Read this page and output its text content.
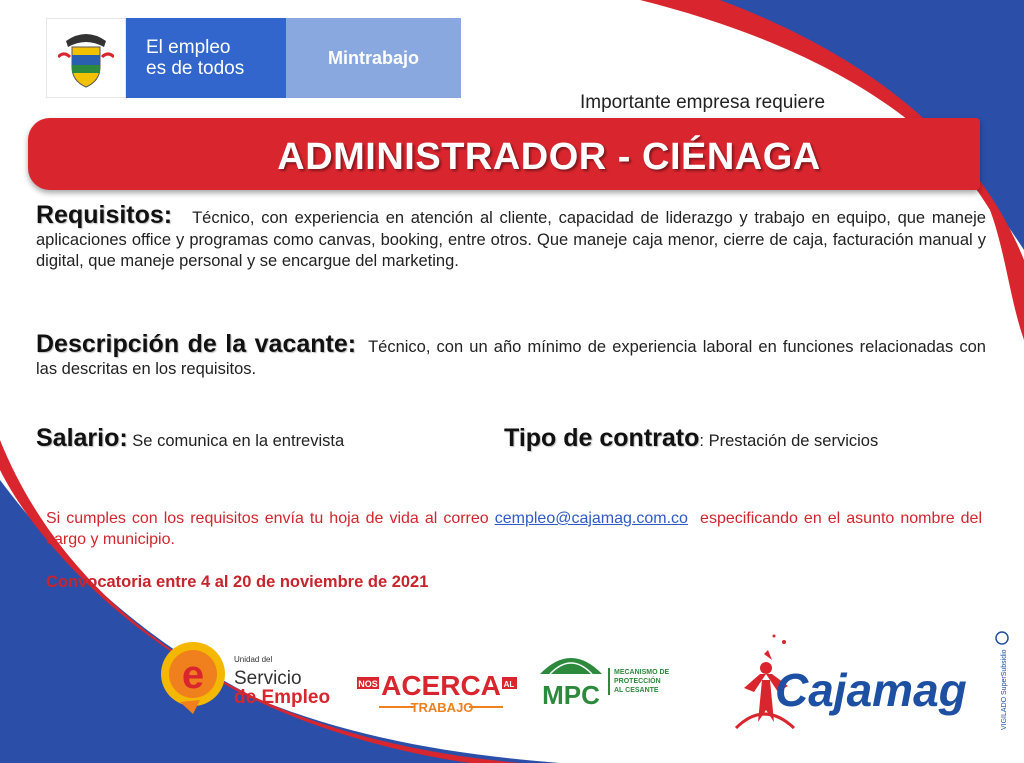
El empleo
es de todos
Mintrabajo
Importante empresa requiere
ADMINISTRADOR - CIÉNAGA
Requisitos: Técnico, con experiencia en atención al cliente, capacidad de liderazgo y trabajo en equipo, que maneje aplicaciones office y programas como canvas, booking, entre otros. Que maneje caja menor, cierre de caja, facturación manual y digital, que maneje personal y se encargue del marketing.
Descripción de la vacante: Técnico, con un año mínimo de experiencia laboral en funciones relacionadas con las descritas en los requisitos.
Salario: Se comunica en la entrevista	Tipo de contrato: Prestación de servicios
Si cumples con los requisitos envía tu hoja de vida al correo cempleo@cajamag.com.co especificando en el asunto nombre del cargo y municipio.
Convocatoria entre 4 al 20 de noviembre de 2021
e	Unidad del
Servicio
de Empleo
NOS ACERCA AL
TRABAJO	MPC
MECANISMO DE
PROTECCIÓN
AL CESANTE	Cajamag	VIGILADO SuperSubsidio
